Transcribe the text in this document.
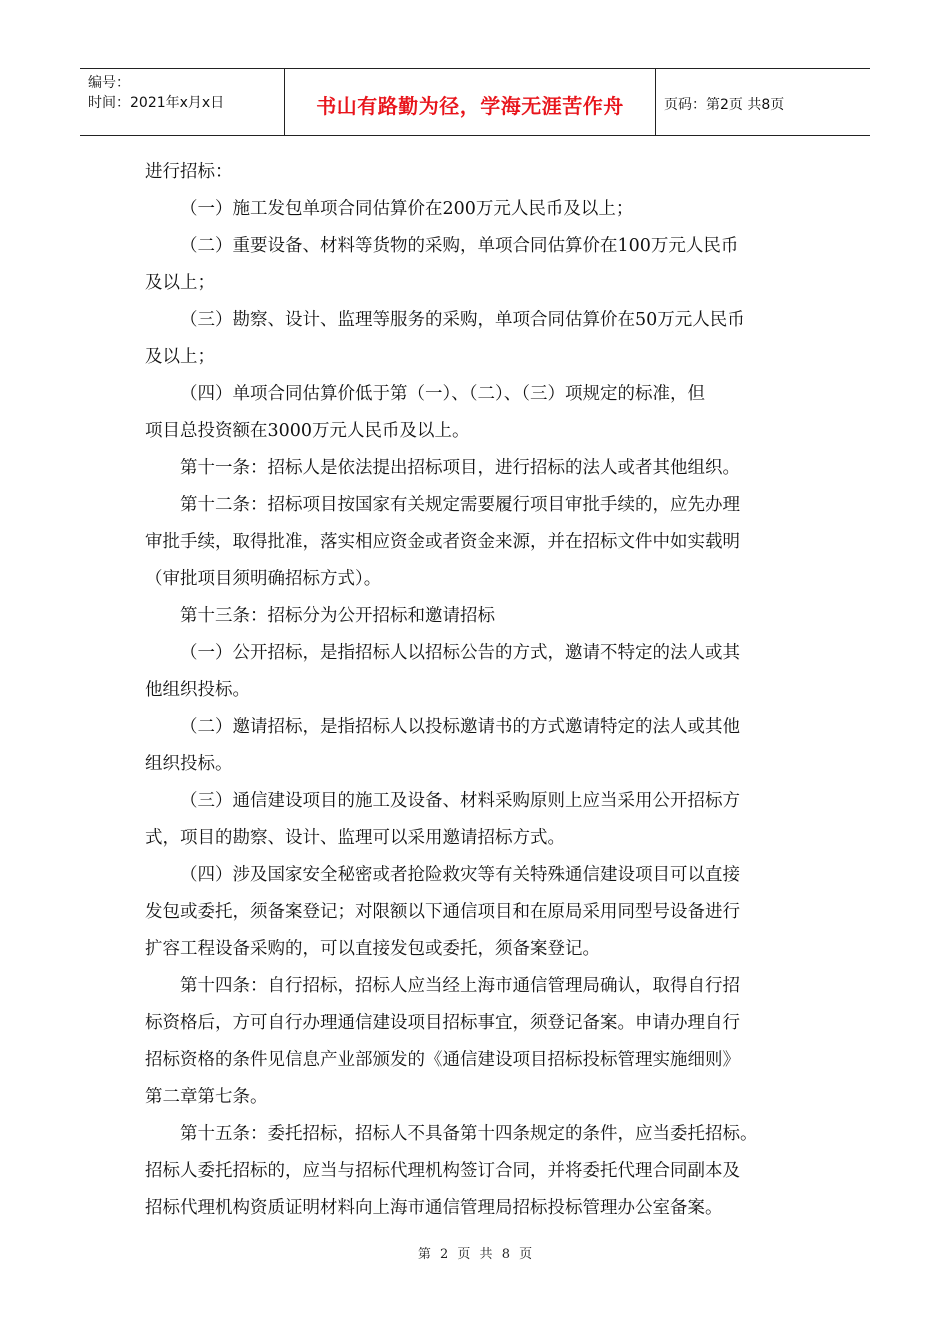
编号：
时间：2021年x月x日	书山有路勤为径，学海无涯苦作舟	页码：第2页 共8页

进行招标：

（一）施工发包单项合同估算价在200万元人民币及以上；

（二）重要设备、材料等货物的采购，单项合同估算价在100万元人民币

及以上；

（三）勘察、设计、监理等服务的采购，单项合同估算价在50万元人民币

及以上；

（四）单项合同估算价低于第（一）、（二）、（三）项规定的标准，但

项目总投资额在3000万元人民币及以上。

第十一条：招标人是依法提出招标项目，进行招标的法人或者其他组织。

第十二条：招标项目按国家有关规定需要履行项目审批手续的，应先办理

审批手续，取得批准，落实相应资金或者资金来源，并在招标文件中如实载明

（审批项目须明确招标方式）。

第十三条：招标分为公开招标和邀请招标

（一）公开招标，是指招标人以招标公告的方式，邀请不特定的法人或其

他组织投标。

（二）邀请招标，是指招标人以投标邀请书的方式邀请特定的法人或其他

组织投标。

（三）通信建设项目的施工及设备、材料采购原则上应当采用公开招标方

式，项目的勘察、设计、监理可以采用邀请招标方式。

（四）涉及国家安全秘密或者抢险救灾等有关特殊通信建设项目可以直接

发包或委托，须备案登记；对限额以下通信项目和在原局采用同型号设备进行

扩容工程设备采购的，可以直接发包或委托，须备案登记。

第十四条：自行招标，招标人应当经上海市通信管理局确认，取得自行招

标资格后，方可自行办理通信建设项目招标事宜，须登记备案。申请办理自行

招标资格的条件见信息产业部颁发的《通信建设项目招标投标管理实施细则》

第二章第七条。

第十五条：委托招标，招标人不具备第十四条规定的条件，应当委托招标。

招标人委托招标的，应当与招标代理机构签订合同，并将委托代理合同副本及

招标代理机构资质证明材料向上海市通信管理局招标投标管理办公室备案。

第 2 页 共 8 页
